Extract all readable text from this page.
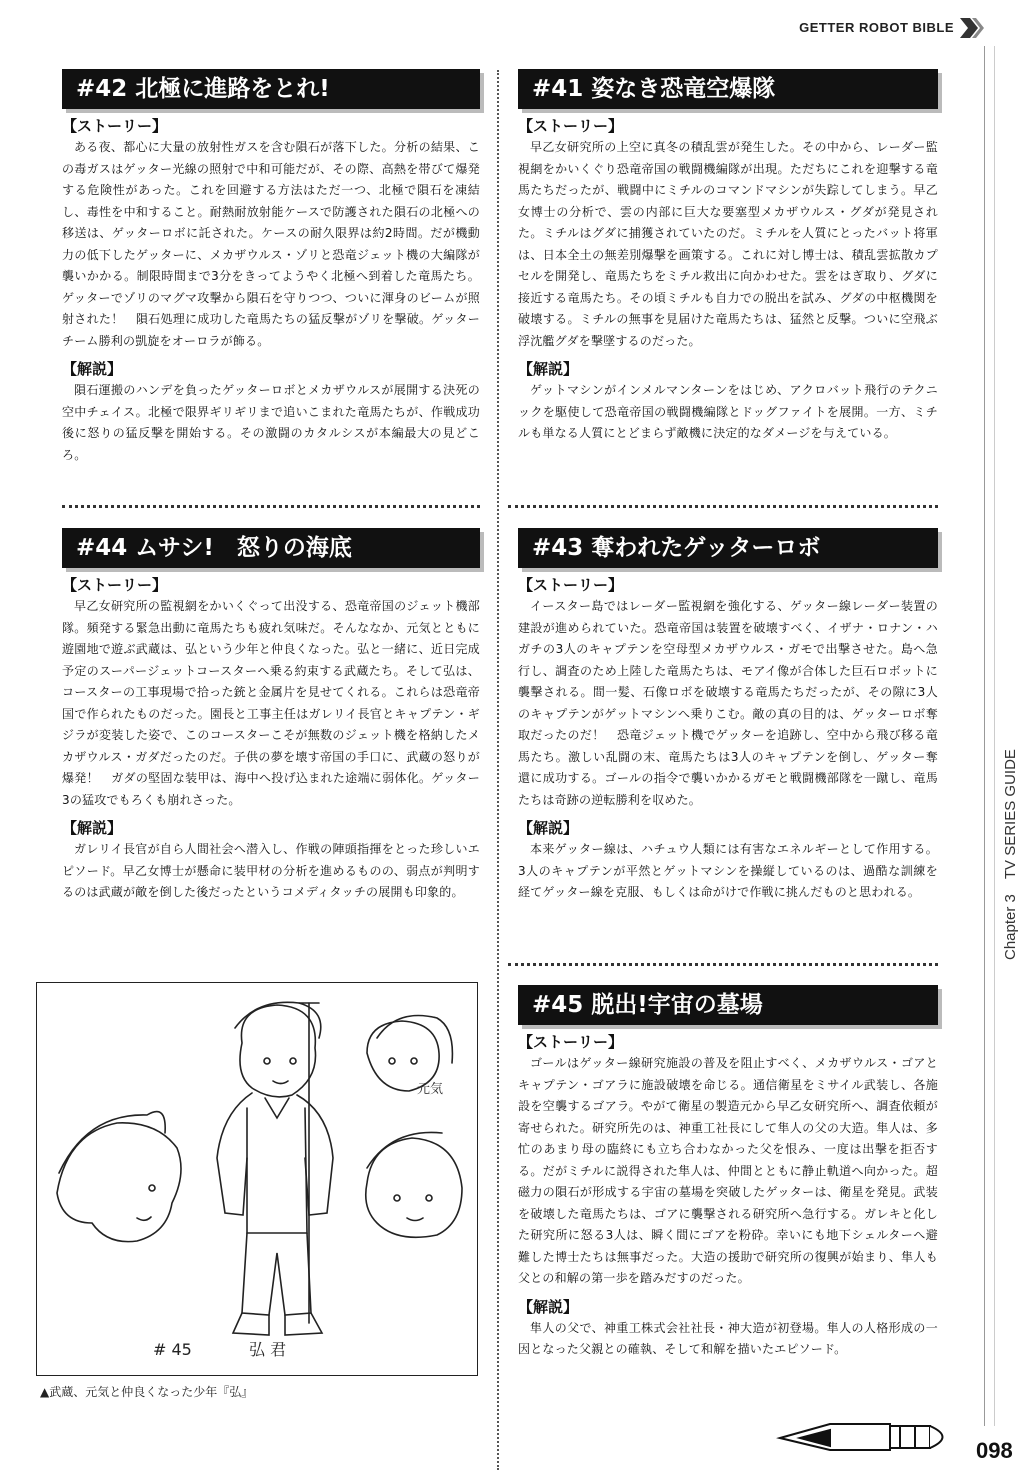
GETTER ROBOT BIBLE
Chapter 3　TV SERIES GUIDE
#42 北極に進路をとれ!
【ストーリー】

ある夜、都心に大量の放射性ガスを含む隕石が落下した。分析の結果、この毒ガスはゲッター光線の照射で中和可能だが、その際、高熱を帯びて爆発する危険性があった。これを回避する方法はただ一つ、北極で隕石を凍結し、毒性を中和すること。耐熱耐放射能ケースで防護された隕石の北極への移送は、ゲッターロボに託された。ケースの耐久限界は約2時間。だが機動力の低下したゲッターに、メカザウルス・ゾリと恐竜ジェット機の大編隊が襲いかかる。制限時間まで3分をきってようやく北極へ到着した竜馬たち。ゲッターでゾリのマグマ攻撃から隕石を守りつつ、ついに渾身のビームが照射された！　隕石処理に成功した竜馬たちの猛反撃がゾリを撃破。ゲッターチーム勝利の凱旋をオーロラが飾る。

【解説】

隕石運搬のハンデを負ったゲッターロボとメカザウルスが展開する決死の空中チェイス。北極で限界ギリギリまで追いこまれた竜馬たちが、作戦成功後に怒りの猛反撃を開始する。その激闘のカタルシスが本編最大の見どころ。

#41 姿なき恐竜空爆隊
【ストーリー】

早乙女研究所の上空に真冬の積乱雲が発生した。その中から、レーダー監視網をかいくぐり恐竜帝国の戦闘機編隊が出現。ただちにこれを迎撃する竜馬たちだったが、戦闘中にミチルのコマンドマシンが失踪してしまう。早乙女博士の分析で、雲の内部に巨大な要塞型メカザウルス・グダが発見された。ミチルはグダに捕獲されていたのだ。ミチルを人質にとったバット将軍は、日本全土の無差別爆撃を画策する。これに対し博士は、積乱雲拡散カプセルを開発し、竜馬たちをミチル救出に向かわせた。雲をはぎ取り、グダに接近する竜馬たち。その頃ミチルも自力での脱出を試み、グダの中枢機関を破壊する。ミチルの無事を見届けた竜馬たちは、猛然と反撃。ついに空飛ぶ浮沈艦グダを撃墜するのだった。

【解説】

ゲットマシンがインメルマンターンをはじめ、アクロバット飛行のテクニックを駆使して恐竜帝国の戦闘機編隊とドッグファイトを展開。一方、ミチルも単なる人質にとどまらず敵機に決定的なダメージを与えている。

#44 ムサシ!　怒りの海底
【ストーリー】

早乙女研究所の監視網をかいくぐって出没する、恐竜帝国のジェット機部隊。頻発する緊急出動に竜馬たちも疲れ気味だ。そんななか、元気とともに遊園地で遊ぶ武蔵は、弘という少年と仲良くなった。弘と一緒に、近日完成予定のスーパージェットコースターへ乗る約束する武蔵たち。そして弘は、コースターの工事現場で拾った銃と金属片を見せてくれる。これらは恐竜帝国で作られたものだった。園長と工事主任はガレリイ長官とキャプテン・ギジラが変装した姿で、このコースターこそが無数のジェット機を格納したメカザウルス・ガダだったのだ。子供の夢を壊す帝国の手口に、武蔵の怒りが爆発！　ガダの堅固な装甲は、海中へ投げ込まれた途端に弱体化。ゲッター3の猛攻でもろくも崩れさった。

【解説】

ガレリイ長官が自ら人間社会へ潜入し、作戦の陣頭指揮をとった珍しいエピソード。早乙女博士が懸命に装甲材の分析を進めるものの、弱点が判明するのは武蔵が敵を倒した後だったというコメディタッチの展開も印象的。

#43 奪われたゲッターロボ
【ストーリー】

イースター島ではレーダー監視網を強化する、ゲッター線レーダー装置の建設が進められていた。恐竜帝国は装置を破壊すべく、イザナ・ロナン・ハガチの3人のキャプテンを空母型メカザウルス・ガモで出撃させた。島へ急行し、調査のため上陸した竜馬たちは、モアイ像が合体した巨石ロボットに襲撃される。間一髪、石像ロボを破壊する竜馬たちだったが、その隙に3人のキャプテンがゲットマシンへ乗りこむ。敵の真の目的は、ゲッターロボ奪取だったのだ！　恐竜ジェット機でゲッターを追跡し、空中から飛び移る竜馬たち。激しい乱闘の末、竜馬たちは3人のキャプテンを倒し、ゲッター奪還に成功する。ゴールの指令で襲いかかるガモと戦闘機部隊を一蹴し、竜馬たちは奇跡の逆転勝利を収めた。

【解説】

本来ゲッター線は、ハチュウ人類には有害なエネルギーとして作用する。3人のキャプテンが平然とゲットマシンを操縦しているのは、過酷な訓練を経てゲッター線を克服、もしくは命がけで作戦に挑んだものと思われる。

#45 脱出!宇宙の墓場
【ストーリー】

ゴールはゲッター線研究施設の普及を阻止すべく、メカザウルス・ゴアとキャプテン・ゴアラに施設破壊を命じる。通信衛星をミサイル武装し、各施設を空襲するゴアラ。やがて衛星の製造元から早乙女研究所へ、調査依頼が寄せられた。研究所先のは、神重工社長にして隼人の父の大造。隼人は、多忙のあまり母の臨終にも立ち合わなかった父を恨み、一度は出撃を拒否する。だがミチルに説得された隼人は、仲間とともに静止軌道へ向かった。超磁力の隕石が形成する宇宙の墓場を突破したゲッターは、衛星を発見。武装を破壊した竜馬たちは、ゴアに襲撃される研究所へ急行する。ガレキと化した研究所に怒る3人は、瞬く間にゴアを粉砕。幸いにも地下シェルターへ避難した博士たちは無事だった。大造の援助で研究所の復興が始まり、隼人も父との和解の第一歩を踏みだすのだった。

【解説】

隼人の父で、神重工株式会社社長・神大造が初登場。隼人の人格形成の一因となった父親との確執、そして和解を描いたエピソード。

元気
# 45	弘 君
▲武蔵、元気と仲良くなった少年『弘』
098
